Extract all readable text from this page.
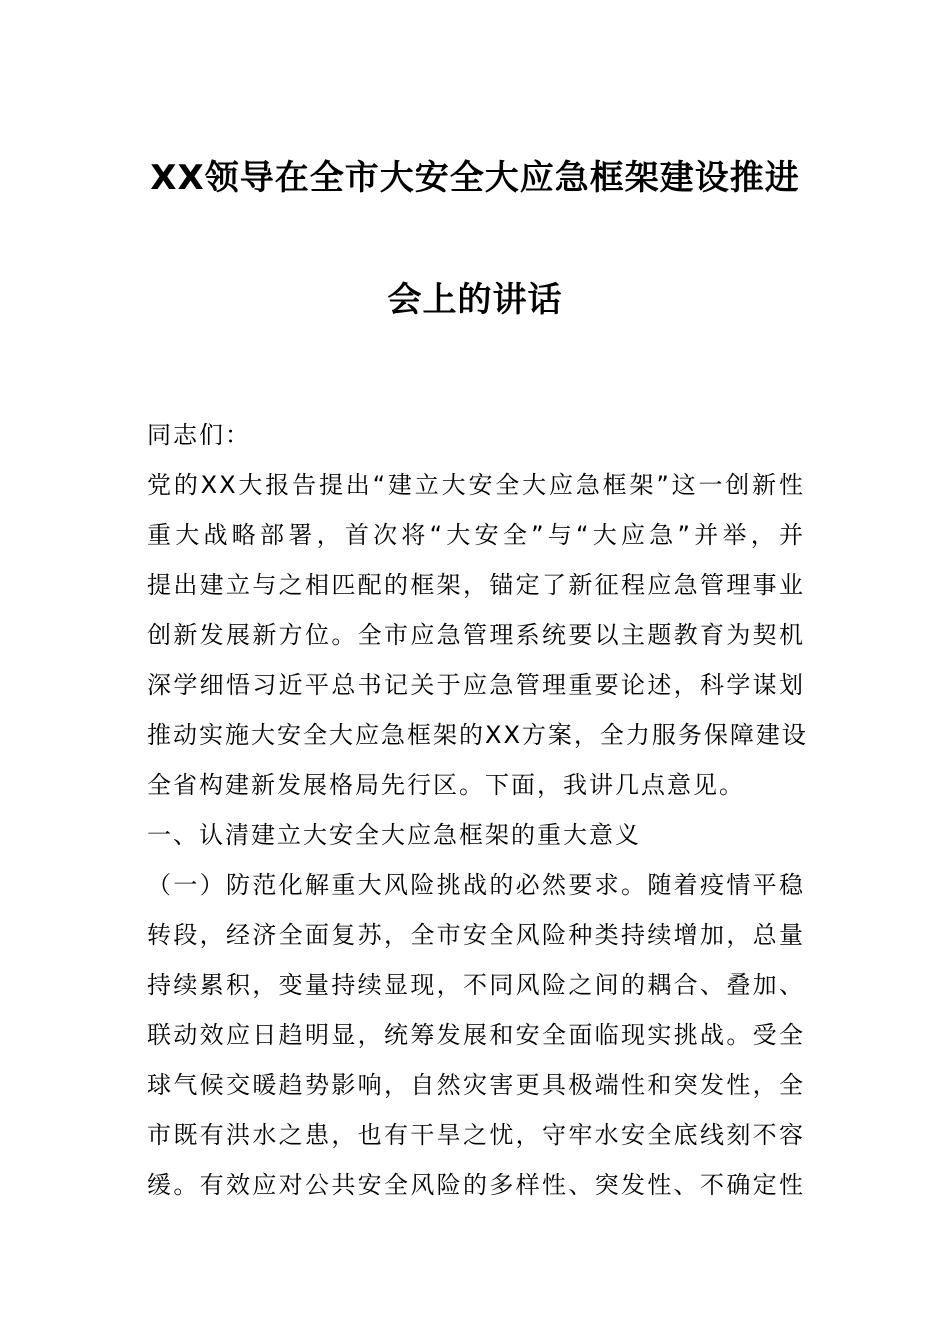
XX领导在全市大安全大应急框架建设推进
会上的讲话
同志们：
党的XX大报告提出“建立大安全大应急框架”这一创新性
重大战略部署，首次将“大安全”与“大应急”并举，并
提出建立与之相匹配的框架，锚定了新征程应急管理事业
创新发展新方位。全市应急管理系统要以主题教育为契机
深学细悟习近平总书记关于应急管理重要论述，科学谋划
推动实施大安全大应急框架的XX方案，全力服务保障建设
全省构建新发展格局先行区。下面，我讲几点意见。
一、认清建立大安全大应急框架的重大意义
（一）防范化解重大风险挑战的必然要求。随着疫情平稳
转段，经济全面复苏，全市安全风险种类持续增加，总量
持续累积，变量持续显现，不同风险之间的耦合、叠加、
联动效应日趋明显，统筹发展和安全面临现实挑战。受全
球气候交暖趋势影响，自然灾害更具极端性和突发性，全
市既有洪水之患，也有干旱之忧，守牢水安全底线刻不容
缓。有效应对公共安全风险的多样性、突发性、不确定性
